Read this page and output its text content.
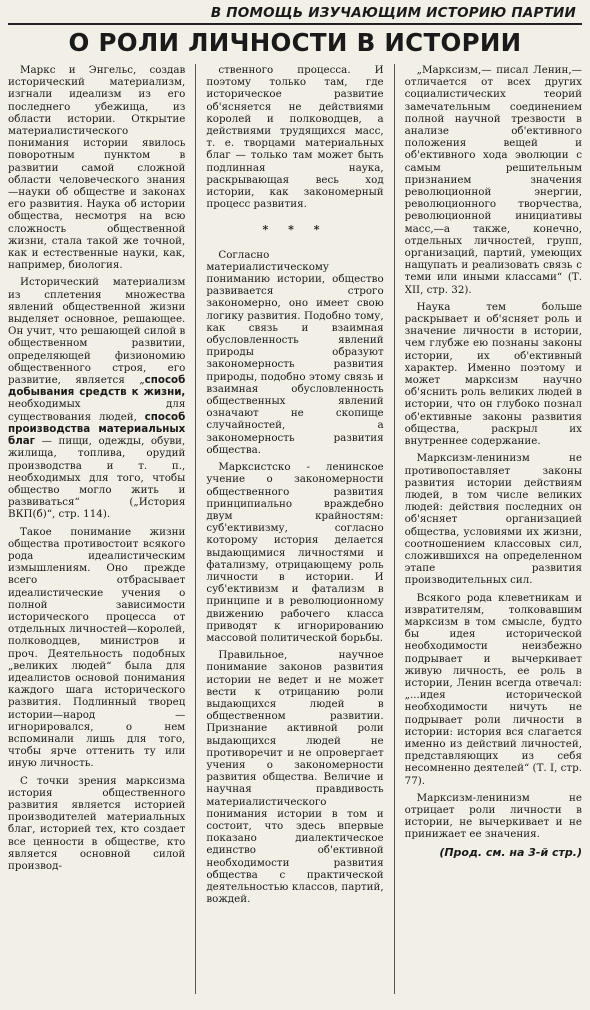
В ПОМОЩЬ ИЗУЧАЮЩИМ ИСТОРИЮ ПАРТИИ
О РОЛИ ЛИЧНОСТИ В ИСТОРИИ

Маркс и Энгельс, создав исторический материализм, изгнали идеализм из его последнего убежища, из области истории. Открытие материалистического понимания истории явилось поворотным пунктом в развитии самой сложной области человеческого знания—науки об обществе и законах его развития. Наука об истории общества, несмотря на всю сложность общественной жизни, стала такой же точной, как и естественные науки, как, например, биология.

Исторический материализм из сплетения множества явлений общественной жизни выделяет основное, решающее. Он учит, что решающей силой в общественном развитии, определяющей физиономию общественного строя, его развитие, является „способ добывания средств к жизни, необходимых для существования людей, способ производства материальных благ — пищи, одежды, обуви, жилища, топлива, орудий производства и т. п., необходимых для того, чтобы общество могло жить и развиваться“ („История ВКП(б)“, стр. 114).

Такое понимание жизни общества противостоит всякого рода идеалистическим измышлениям. Оно прежде всего отбрасывает идеалистические учения о полной зависимости исторического процесса от отдельных личностей—королей, полководцев, министров и проч. Деятельность подобных „великих людей“ была для идеалистов основой понимания каждого шага исторического развития. Подлинный творец истории—народ — игнорировался, о нем вспоминали лишь для того, чтобы ярче оттенить ту или иную личность.

С точки зрения марксизма история общественного развития является историей производителей материальных благ, историей тех, кто создает все ценности в обществе, кто является основной силой производ-

ственного процесса. И поэтому только там, где историческое развитие об'ясняется не действиями королей и полководцев, а действиями трудящихся масс, т. е. творцами материальных благ — только там может быть подлинная наука, раскрывающая весь ход истории, как закономерный процесс развития.

* * *

Согласно материалистическому пониманию истории, общество развивается строго закономерно, оно имеет свою логику развития. Подобно тому, как связь и взаимная обусловленность явлений природы образуют закономерность развития природы, подобно этому связь и взаимная обусловленность общественных явлений означают не скопище случайностей, а закономерность развития общества.

Марксистско - ленинское учение о закономерности общественного развития принципиально враждебно двум крайностям: суб'ективизму, согласно которому история делается выдающимися личностями и фатализму, отрицающему роль личности в истории. И суб'ективизм и фатализм в принципе и в революционному движению рабочего класса приводят к игнорированию массовой политической борьбы.

Правильное, научное понимание законов развития истории не ведет и не может вести к отрицанию роли выдающихся людей в общественном развитии. Признание активной роли выдающихся людей не противоречит и не опровергает учения о закономерности развития общества. Величие и научная правдивость материалистического понимания истории в том и состоит, что здесь впервые показано диалектическое единство об'ективной необходимости развития общества с практической деятельностью классов, партий, вождей.

„Марксизм,— писал Ленин,—отличается от всех других социалистических теорий замечательным соединением полной научной трезвости в анализе об'ективного положения вещей и об'ективного хода эволюции с самым решительным признанием значения революционной энергии, революционного творчества, революционной инициативы масс,—а также, конечно, отдельных личностей, групп, организаций, партий, умеющих нащупать и реализовать связь с теми или иными классами“ (Т. XII, стр. 32).

Наука тем больше раскрывает и об'ясняет роль и значение личности в истории, чем глубже ею познаны законы истории, их об'ективный характер. Именно поэтому и может марксизм научно об'яснить роль великих людей в истории, что он глубоко познал об'ективные законы развития общества, раскрыл их внутреннее содержание.

Марксизм-ленинизм не противопоставляет законы развития истории действиям людей, в том числе великих людей: действия последних он об'ясняет организацией общества, условиями их жизни, соотношением классовых сил, сложившихся на определенном этапе развития производительных сил.

Всякого рода клеветникам и извратителям, толковавшим марксизм в том смысле, будто бы идея исторической необходимости неизбежно подрывает и вычеркивает живую личность, ее роль в истории, Ленин всегда отвечал: „...идея исторической необходимости ничуть не подрывает роли личности в истории: история вся слагается именно из действий личностей, представляющих из себя несомненно деятелей“ (Т. I, стр. 77).

Марксизм-ленинизм не отрицает роли личности в истории, не вычеркивает и не принижает ее значения.

(Прод. см. на 3-й стр.)
